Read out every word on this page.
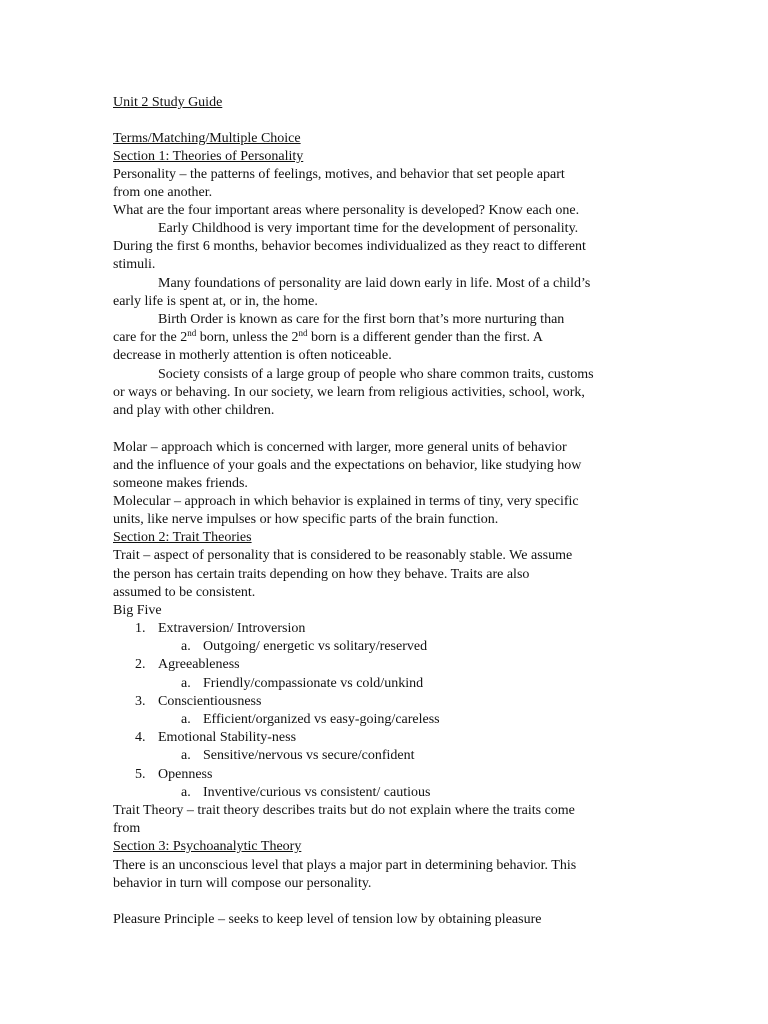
Unit 2 Study Guide

Terms/Matching/Multiple Choice

Section 1: Theories of Personality

Personality – the patterns of feelings, motives, and behavior that set people apart

from one another.

What are the four important areas where personality is developed? Know each one.

Early Childhood is very important time for the development of personality.

During the first 6 months, behavior becomes individualized as they react to different

stimuli.

Many foundations of personality are laid down early in life. Most of a child’s

early life is spent at, or in, the home.

Birth Order is known as care for the first born that’s more nurturing than

care for the 2nd born, unless the 2nd born is a different gender than the first. A

decrease in motherly attention is often noticeable.

Society consists of a large group of people who share common traits, customs

or ways or behaving. In our society, we learn from religious activities, school, work,

and play with other children.

Molar – approach which is concerned with larger, more general units of behavior

and the influence of your goals and the expectations on behavior, like studying how

someone makes friends.

Molecular – approach in which behavior is explained in terms of tiny, very specific

units, like nerve impulses or how specific parts of the brain function.

Section 2: Trait Theories

Trait – aspect of personality that is considered to be reasonably stable. We assume

the person has certain traits depending on how they behave. Traits are also

assumed to be consistent.

Big Five

1. Extraversion/ Introversion

a. Outgoing/ energetic vs solitary/reserved

2. Agreeableness

a. Friendly/compassionate vs cold/unkind

3. Conscientiousness

a. Efficient/organized vs easy-going/careless

4. Emotional Stability-ness

a. Sensitive/nervous vs secure/confident

5. Openness

a. Inventive/curious vs consistent/ cautious

Trait Theory – trait theory describes traits but do not explain where the traits come

from

Section 3: Psychoanalytic Theory

There is an unconscious level that plays a major part in determining behavior. This

behavior in turn will compose our personality.

Pleasure Principle – seeks to keep level of tension low by obtaining pleasure
